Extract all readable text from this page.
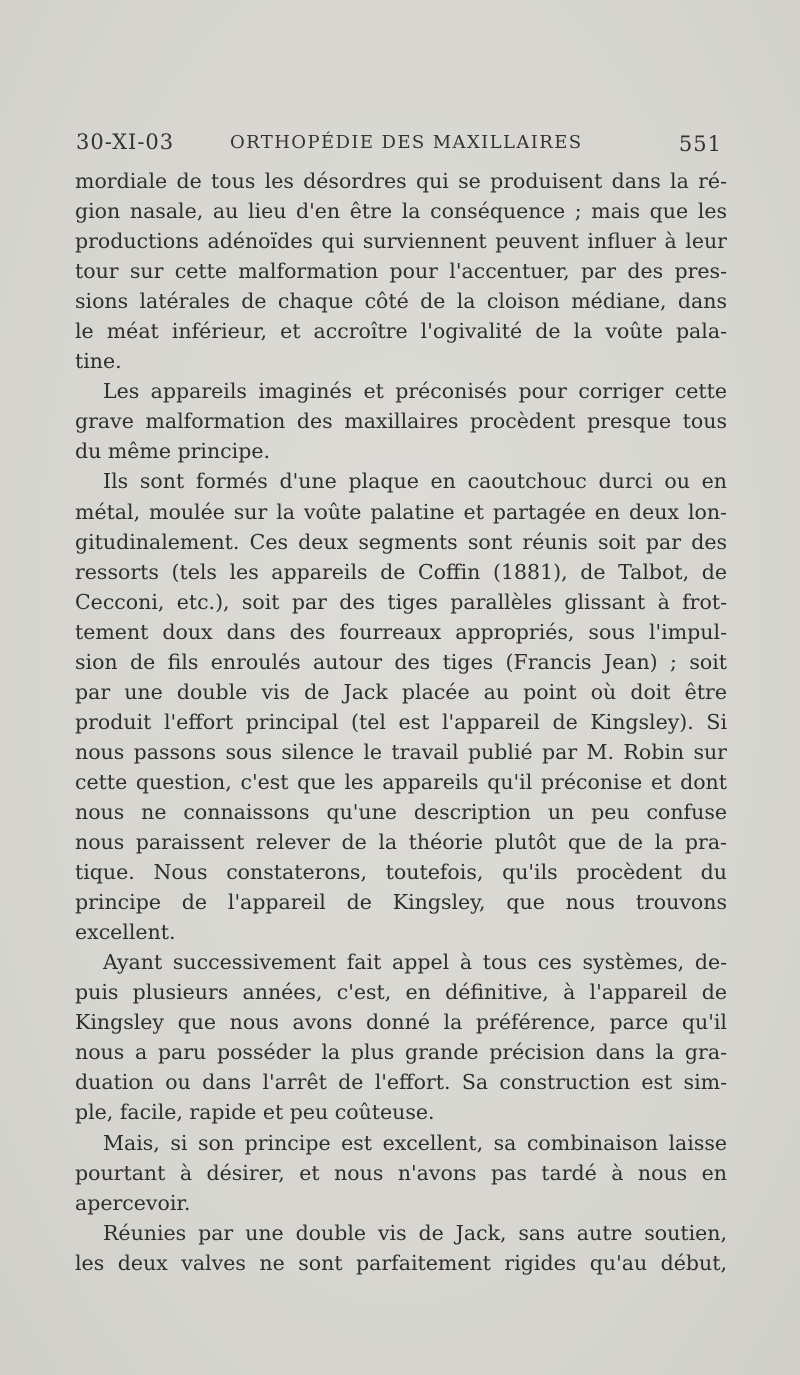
30-XI-03	ORTHOPÉDIE DES MAXILLAIRES	551
mordiale de tous les désordres qui se produisent dans la ré-
gion nasale, au lieu d'en être la conséquence ; mais que les
productions adénoïdes qui surviennent peuvent influer à leur
tour sur cette malformation pour l'accentuer, par des pres-
sions latérales de chaque côté de la cloison médiane, dans
le méat inférieur, et accroître l'ogivalité de la voûte pala-
tine.
Les appareils imaginés et préconisés pour corriger cette
grave malformation des maxillaires procèdent presque tous
du même principe.
Ils sont formés d'une plaque en caoutchouc durci ou en
métal, moulée sur la voûte palatine et partagée en deux lon-
gitudinalement. Ces deux segments sont réunis soit par des
ressorts (tels les appareils de Coffin (1881), de Talbot, de
Cecconi, etc.), soit par des tiges parallèles glissant à frot-
tement doux dans des fourreaux appropriés, sous l'impul-
sion de fils enroulés autour des tiges (Francis Jean) ; soit
par une double vis de Jack placée au point où doit être
produit l'effort principal (tel est l'appareil de Kingsley). Si
nous passons sous silence le travail publié par M. Robin sur
cette question, c'est que les appareils qu'il préconise et dont
nous ne connaissons qu'une description un peu confuse
nous paraissent relever de la théorie plutôt que de la pra-
tique. Nous constaterons, toutefois, qu'ils procèdent du
principe de l'appareil de Kingsley, que nous trouvons
excellent.
Ayant successivement fait appel à tous ces systèmes, de-
puis plusieurs années, c'est, en définitive, à l'appareil de
Kingsley que nous avons donné la préférence, parce qu'il
nous a paru posséder la plus grande précision dans la gra-
duation ou dans l'arrêt de l'effort. Sa construction est sim-
ple, facile, rapide et peu coûteuse.
Mais, si son principe est excellent, sa combinaison laisse
pourtant à désirer, et nous n'avons pas tardé à nous en
apercevoir.
Réunies par une double vis de Jack, sans autre soutien,
les deux valves ne sont parfaitement rigides qu'au début,
